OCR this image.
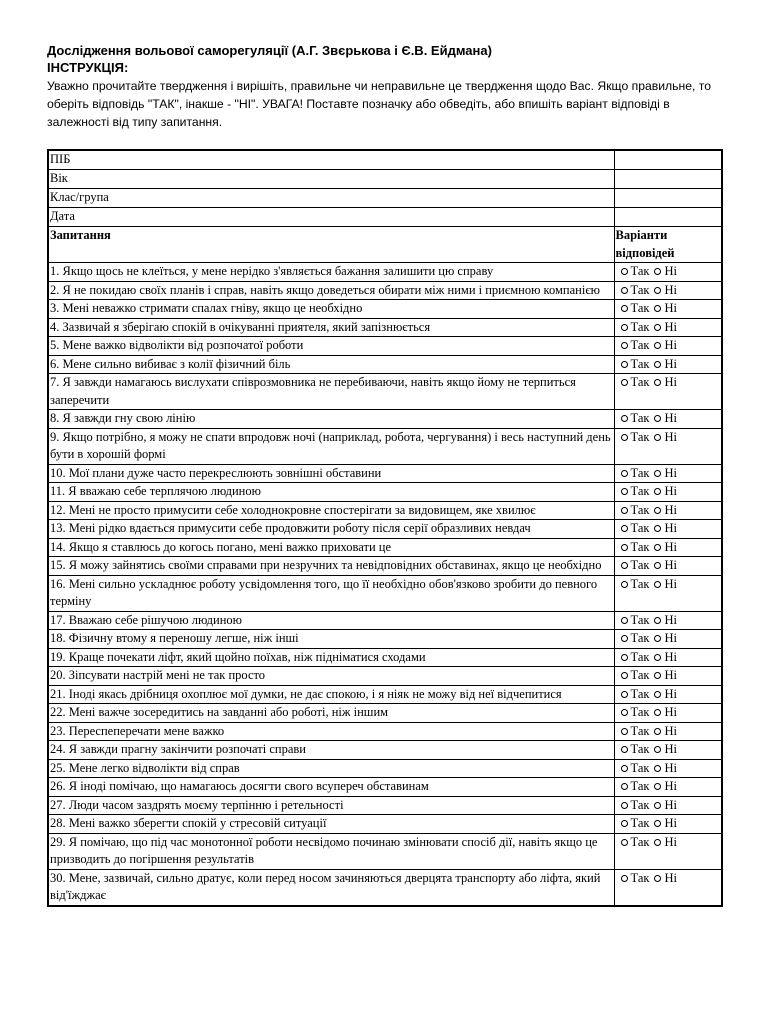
Дослідження вольової саморегуляції (А.Г. Звєрькова і Є.В. Ейдмана)
ІНСТРУКЦІЯ:
Уважно прочитайте твердження і вирішіть, правильне чи неправильне це твердження щодо Вас. Якщо правильне, то оберіть відповідь "ТАК", інакше - "НІ". УВАГА! Поставте позначку або обведіть, або впишіть варіант відповіді в залежності від типу запитання.
ПІБ	
Вік	
Клас/група	
Дата	
Запитання	Варіанти відповідей
1. Якщо щось не клеїться, у мене нерідко з'являється бажання залишити цю справу	Так Ні
2. Я не покидаю своїх планів і справ, навіть якщо доведеться обирати між ними і приємною компанією	Так Ні
3. Мені неважко стримати спалах гніву, якщо це необхідно	Так Ні
4. Зазвичай я зберігаю спокій в очікуванні приятеля, який запізнюється	Так Ні
5. Мене важко відволікти від розпочатої роботи	Так Ні
6. Мене сильно вибиває з колії фізичний біль	Так Ні
7. Я завжди намагаюсь вислухати співрозмовника не перебиваючи, навіть якщо йому не терпиться заперечити	Так Ні
8. Я завжди гну свою лінію	Так Ні
9. Якщо потрібно, я можу не спати впродовж ночі (наприклад, робота, чергування) і весь наступний день бути в хорошій формі	Так Ні
10. Мої плани дуже часто перекреслюють зовнішні обставини	Так Ні
11. Я вважаю себе терплячою людиною	Так Ні
12. Мені не просто примусити себе холоднокровне спостерігати за видовищем, яке хвилює	Так Ні
13. Мені рідко вдається примусити себе продовжити роботу після серії образливих невдач	Так Ні
14. Якщо я ставлюсь до когось погано, мені важко приховати це	Так Ні
15. Я можу зайнятись своїми справами при незручних та невідповідних обставинах, якщо це необхідно	Так Ні
16. Мені сильно ускладнює роботу усвідомлення того, що її необхідно обов'язково зробити до певного терміну	Так Ні
17. Вважаю себе рішучою людиною	Так Ні
18. Фізичну втому я переношу легше, ніж інші	Так Ні
19. Краще почекати ліфт, який щойно поїхав, ніж підніматися сходами	Так Ні
20. Зіпсувати настрій мені не так просто	Так Ні
21. Іноді якась дрібниця охоплює мої думки, не дає спокою, і я ніяк не можу від неї відчепитися	Так Ні
22. Мені важче зосередитись на завданні або роботі, ніж іншим	Так Ні
23. Переспеперечати мене важко	Так Ні
24. Я завжди прагну закінчити розпочаті справи	Так Ні
25. Мене легко відволікти від справ	Так Ні
26. Я іноді помічаю, що намагаюсь досягти свого всупереч обставинам	Так Ні
27. Люди часом заздрять моєму терпінню і ретельності	Так Ні
28. Мені важко зберегти спокій у стресовій ситуації	Так Ні
29. Я помічаю, що під час монотонної роботи несвідомо починаю змінювати спосіб дії, навіть якщо це призводить до погіршення результатів	Так Ні
30. Мене, зазвичай, сильно дратує, коли перед носом зачиняються дверцята транспорту або ліфта, який від'їжджає	Так Ні
